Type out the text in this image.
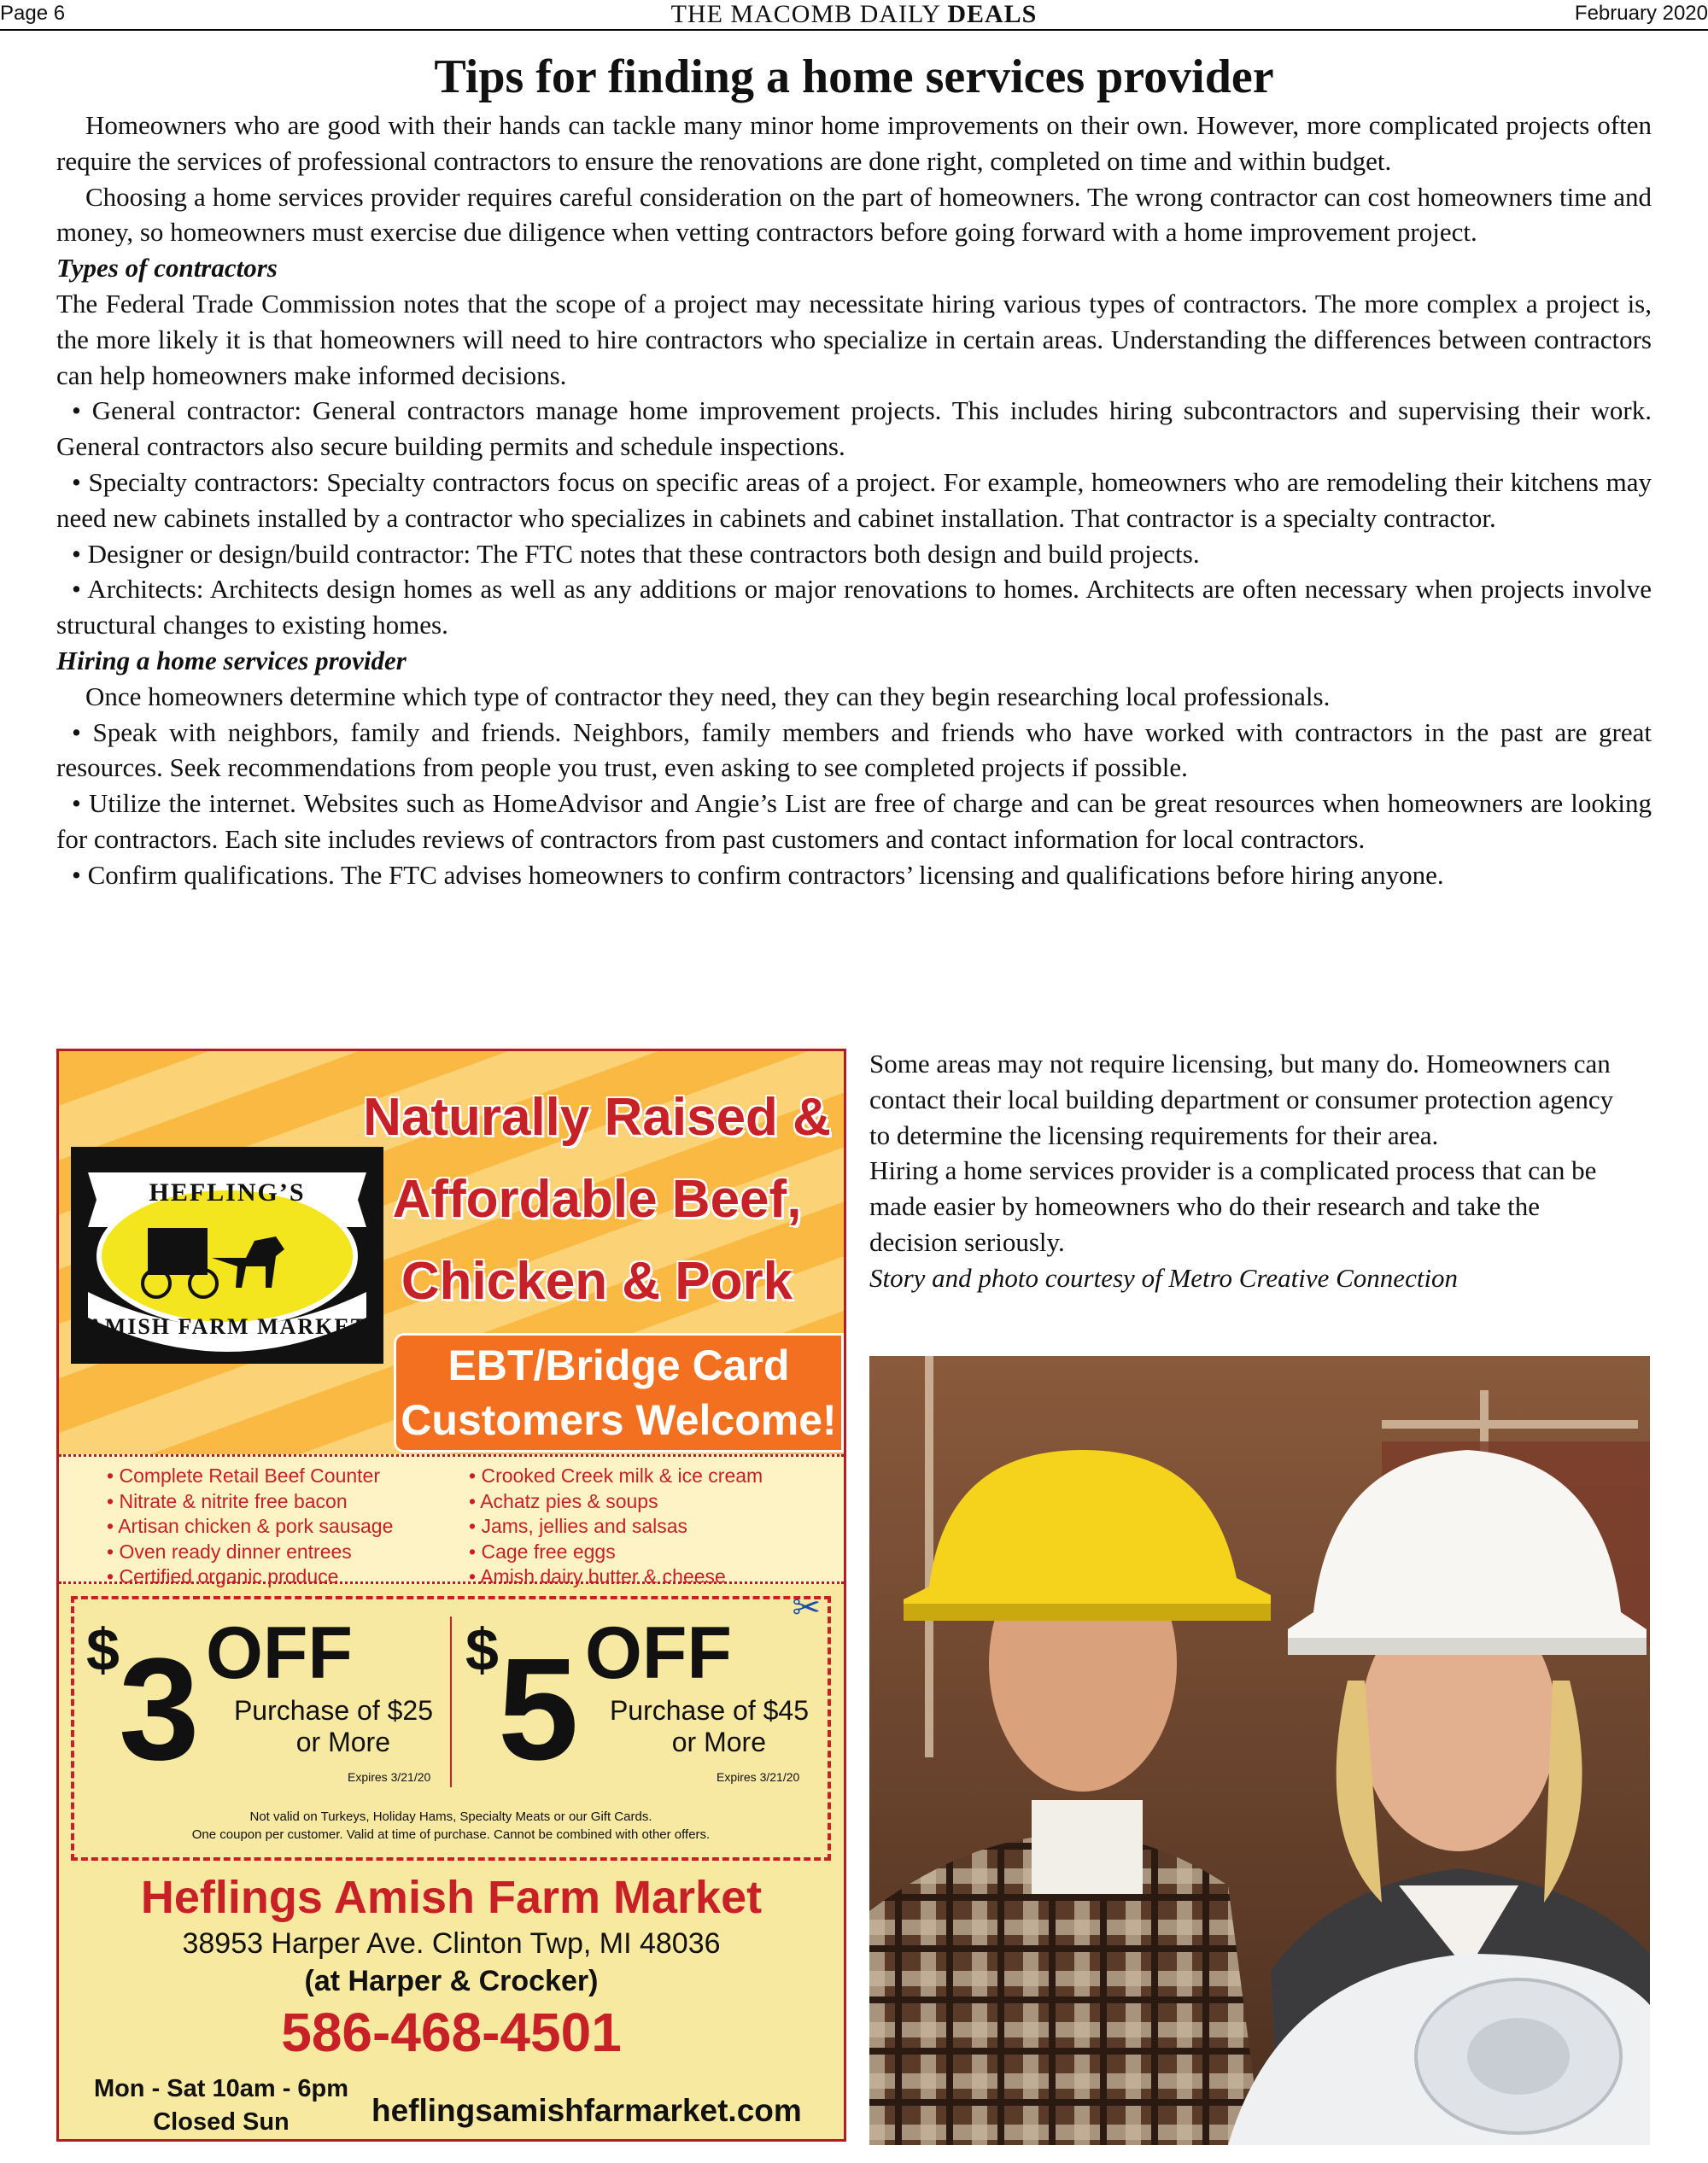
Page 6	THE MACOMB DAILY DEALS	February 2020
Tips for finding a home services provider

Homeowners who are good with their hands can tackle many minor home improvements on their own. However, more complicated projects often require the services of professional contractors to ensure the renovations are done right, completed on time and within budget.

Choosing a home services provider requires careful consideration on the part of homeowners. The wrong contractor can cost homeowners time and money, so homeowners must exercise due diligence when vetting contractors before going forward with a home improvement project.

Types of contractors

The Federal Trade Commission notes that the scope of a project may necessitate hiring various types of contractors. The more complex a project is, the more likely it is that homeowners will need to hire contractors who specialize in certain areas. Understanding the differences between contractors can help homeowners make informed decisions.

• General contractor: General contractors manage home improvement projects. This includes hiring subcontractors and supervising their work. General contractors also secure building permits and schedule inspections.

• Specialty contractors: Specialty contractors focus on specific areas of a project. For example, homeowners who are remodeling their kitchens may need new cabinets installed by a contractor who specializes in cabinets and cabinet installation. That contractor is a specialty contractor.

• Designer or design/build contractor: The FTC notes that these contractors both design and build projects.

• Architects: Architects design homes as well as any additions or major renovations to homes. Architects are often necessary when projects involve structural changes to existing homes.

Hiring a home services provider

Once homeowners determine which type of contractor they need, they can they begin researching local professionals.

• Speak with neighbors, family and friends. Neighbors, family members and friends who have worked with contractors in the past are great resources. Seek recommendations from people you trust, even asking to see completed projects if possible.

• Utilize the internet. Websites such as HomeAdvisor and Angie’s List are free of charge and can be great resources when homeowners are looking for contractors. Each site includes reviews of contractors from past customers and contact information for local contractors.

• Confirm qualifications. The FTC advises homeowners to confirm contractors’ licensing and qualifications before hiring anyone.

Some areas may not require licensing, but many do. Homeowners can contact their local building department or consumer protection agency to determine the licensing requirements for their area.

Hiring a home services provider is a complicated process that can be made easier by homeowners who do their research and take the decision seriously.

Story and photo courtesy of Metro Creative Connection

HEFLING’S
AMISH FARM MARKET
Naturally Raised &
Affordable Beef,
Chicken & Pork
EBT/Bridge Card
Customers Welcome!
• Complete Retail Beef Counter
• Nitrate & nitrite free bacon
• Artisan chicken & pork sausage
• Oven ready dinner entrees
• Certified organic produce
• Crooked Creek milk & ice cream
• Achatz pies & soups
• Jams, jellies and salsas
• Cage free eggs
• Amish dairy butter & cheese
✂
$ 3 OFF
Purchase of $25
or More
Expires 3/21/20
$ 5 OFF
Purchase of $45
or More
Expires 3/21/20
Not valid on Turkeys, Holiday Hams, Specialty Meats or our Gift Cards.
One coupon per customer. Valid at time of purchase. Cannot be combined with other offers.
Heflings Amish Farm Market
38953 Harper Ave. Clinton Twp, MI 48036
(at Harper & Crocker)
586-468-4501
Mon - Sat 10am - 6pm
Closed Sun	heflingsamishfarmarket.com
